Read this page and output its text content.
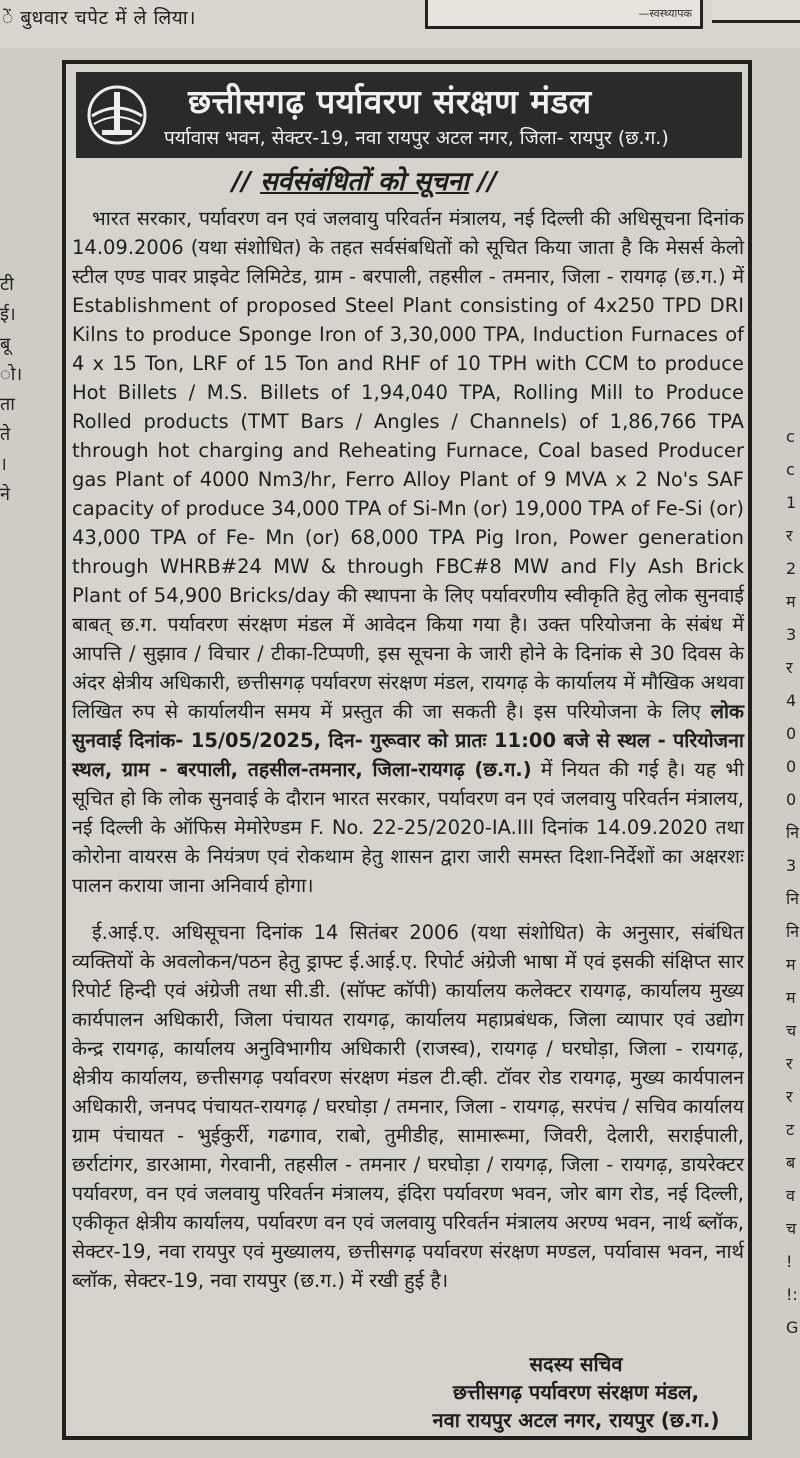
ें बुधवार चपेट में ले लिया।	—स्वस्थ्यापक
टी
ई।
बू
ो।
ता
ते
।
ने
c
c
1
र
2
म
3
र
4
0
0
0
नि
3
नि
नि
म
म
च
र
र
ट
ब
व
च
!
!:
G
छत्तीसगढ़ पर्यावरण संरक्षण मंडल
पर्यावास भवन, सेक्टर-19, नवा रायपुर अटल नगर, जिला- रायपुर (छ.ग.)
// सर्वसंबंधितों को सूचना //

भारत सरकार, पर्यावरण वन एवं जलवायु परिवर्तन मंत्रालय, नई दिल्ली की अधिसूचना दिनांक 14.09.2006 (यथा संशोधित) के तहत सर्वसंबधितों को सूचित किया जाता है कि मेसर्स केलो स्टील एण्ड पावर प्राइवेट लिमिटेड, ग्राम - बरपाली, तहसील - तमनार, जिला - रायगढ़ (छ.ग.) में Establishment of proposed Steel Plant consisting of 4x250 TPD DRI Kilns to produce Sponge Iron of 3,30,000 TPA, Induction Furnaces of 4 x 15 Ton, LRF of 15 Ton and RHF of 10 TPH with CCM to produce Hot Billets / M.S. Billets of 1,94,040 TPA, Rolling Mill to Produce Rolled products (TMT Bars / Angles / Channels) of 1,86,766 TPA through hot charging and Reheating Furnace, Coal based Producer gas Plant of 4000 Nm3/hr, Ferro Alloy Plant of 9 MVA x 2 No's SAF capacity of produce 34,000 TPA of Si-Mn (or) 19,000 TPA of Fe-Si (or) 43,000 TPA of Fe- Mn (or) 68,000 TPA Pig Iron, Power generation through WHRB#24 MW & through FBC#8 MW and Fly Ash Brick Plant of 54,900 Bricks/day की स्थापना के लिए पर्यावरणीय स्वीकृति हेतु लोक सुनवाई बाबत् छ.ग. पर्यावरण संरक्षण मंडल में आवेदन किया गया है। उक्त परियोजना के संबंध में आपत्ति / सुझाव / विचार / टीका-टिप्पणी, इस सूचना के जारी होने के दिनांक से 30 दिवस के अंदर क्षेत्रीय अधिकारी, छत्तीसगढ़ पर्यावरण संरक्षण मंडल, रायगढ़ के कार्यालय में मौखिक अथवा लिखित रुप से कार्यालयीन समय में प्रस्तुत की जा सकती है। इस परियोजना के लिए लोक सुनवाई दिनांक- 15/05/2025, दिन- गुरूवार को प्रातः 11:00 बजे से स्थल - परियोजना स्थल, ग्राम - बरपाली, तहसील-तमनार, जिला-रायगढ़ (छ.ग.) में नियत की गई है। यह भी सूचित हो कि लोक सुनवाई के दौरान भारत सरकार, पर्यावरण वन एवं जलवायु परिवर्तन मंत्रालय, नई दिल्ली के ऑफिस मेमोरेण्डम F. No. 22-25/2020-IA.III दिनांक 14.09.2020 तथा कोरोना वायरस के नियंत्रण एवं रोकथाम हेतु शासन द्वारा जारी समस्त दिशा-निर्देशों का अक्षरशः पालन कराया जाना अनिवार्य होगा।

ई.आई.ए. अधिसूचना दिनांक 14 सितंबर 2006 (यथा संशोधित) के अनुसार, संबंधित व्यक्तियों के अवलोकन/पठन हेतु ड्राफ्ट ई.आई.ए. रिपोर्ट अंग्रेजी भाषा में एवं इसकी संक्षिप्त सार रिपोर्ट हिन्दी एवं अंग्रेजी तथा सी.डी. (सॉफ्ट कॉपी) कार्यालय कलेक्टर रायगढ़, कार्यालय मुख्य कार्यपालन अधिकारी, जिला पंचायत रायगढ़, कार्यालय महाप्रबंधक, जिला व्यापार एवं उद्योग केन्द्र रायगढ़, कार्यालय अनुविभागीय अधिकारी (राजस्व), रायगढ़ / घरघोड़ा, जिला - रायगढ़, क्षेत्रीय कार्यालय, छत्तीसगढ़ पर्यावरण संरक्षण मंडल टी.व्ही. टॉवर रोड रायगढ़, मुख्य कार्यपालन अधिकारी, जनपद पंचायत-रायगढ़ / घरघोड़ा / तमनार, जिला - रायगढ़, सरपंच / सचिव कार्यालय ग्राम पंचायत - भुईकुर्री, गढगाव, राबो, तुमीडीह, सामारूमा, जिवरी, देलारी, सराईपाली, छर्राटांगर, डारआमा, गेरवानी, तहसील - तमनार / घरघोड़ा / रायगढ़, जिला - रायगढ़, डायरेक्टर पर्यावरण, वन एवं जलवायु परिवर्तन मंत्रालय, इंदिरा पर्यावरण भवन, जोर बाग रोड, नई दिल्ली, एकीकृत क्षेत्रीय कार्यालय, पर्यावरण वन एवं जलवायु परिवर्तन मंत्रालय अरण्य भवन, नार्थ ब्लॉक, सेक्टर-19, नवा रायपुर एवं मुख्यालय, छत्तीसगढ़ पर्यावरण संरक्षण मण्डल, पर्यावास भवन, नार्थ ब्लॉक, सेक्टर-19, नवा रायपुर (छ.ग.) में रखी हुई है।

सदस्य सचिव
छत्तीसगढ़ पर्यावरण संरक्षण मंडल,
नवा रायपुर अटल नगर, रायपुर (छ.ग.)
